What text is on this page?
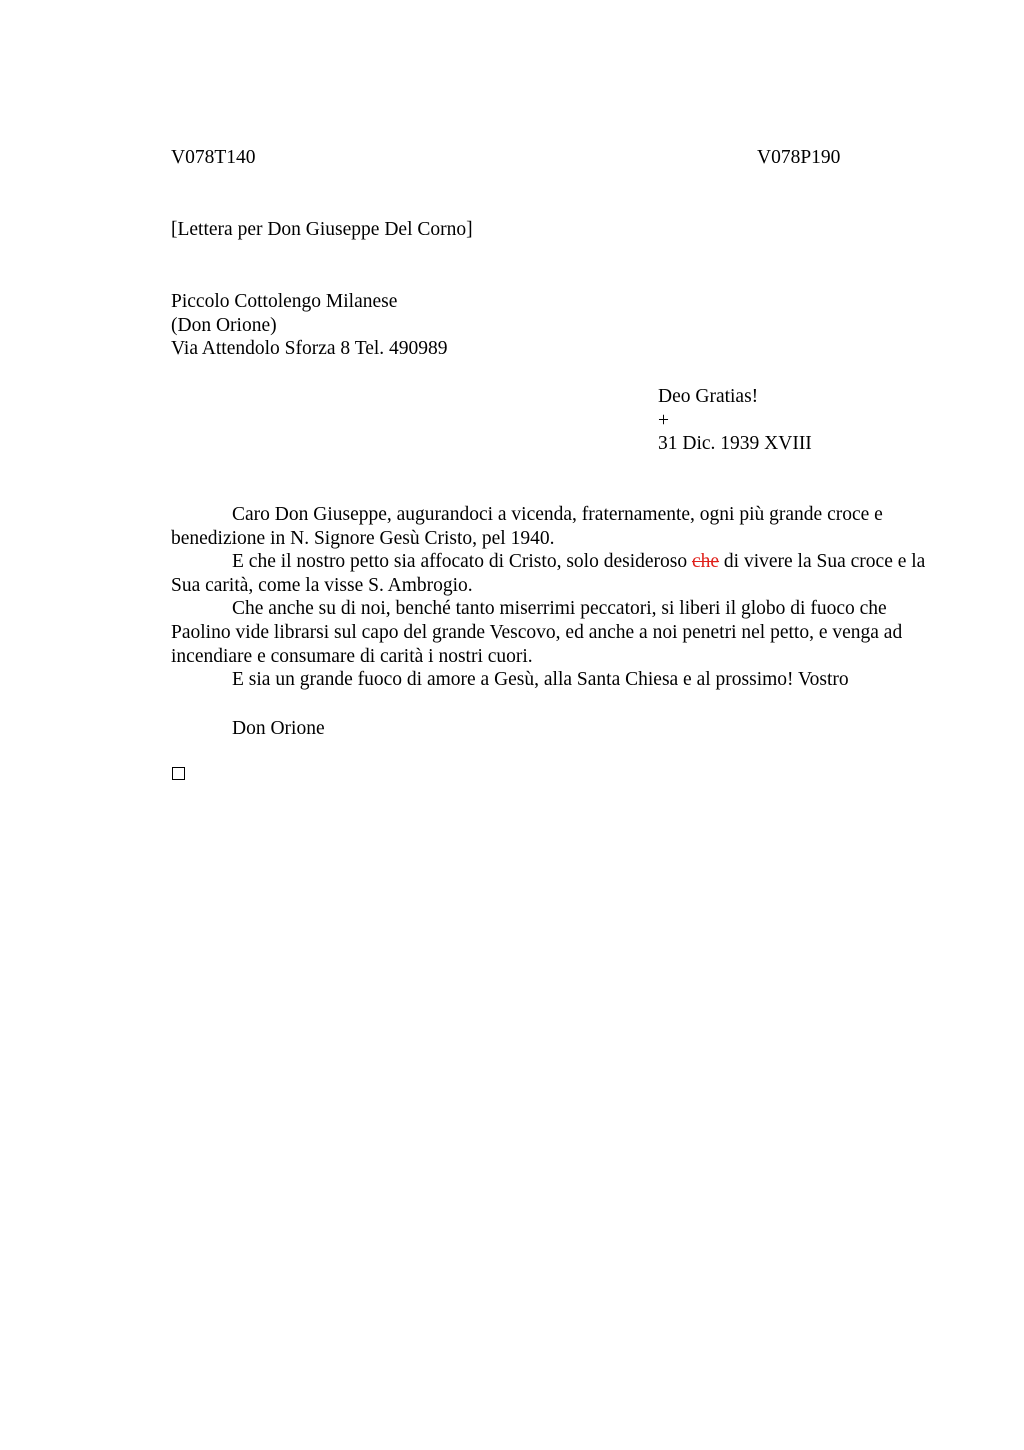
V078T140	V078P190
[Lettera per Don Giuseppe Del Corno]
Piccolo Cottolengo Milanese
(Don Orione)
Via Attendolo Sforza 8 Tel. 490989
Deo Gratias!
+
31 Dic. 1939 XVIII

Caro Don Giuseppe, augurandoci a vicenda, fraternamente, ogni più grande croce e benedizione in N. Signore Gesù Cristo, pel 1940.

E che il nostro petto sia affocato di Cristo, solo desideroso che di vivere la Sua croce e la Sua carità, come la visse S. Ambrogio.

Che anche su di noi, benché tanto miserrimi peccatori, si liberi il globo di fuoco che Paolino vide librarsi sul capo del grande Vescovo, ed anche a noi penetri nel petto, e venga ad incendiare e consumare di carità i nostri cuori.

E sia un grande fuoco di amore a Gesù, alla Santa Chiesa e al prossimo! Vostro

Don Orione
